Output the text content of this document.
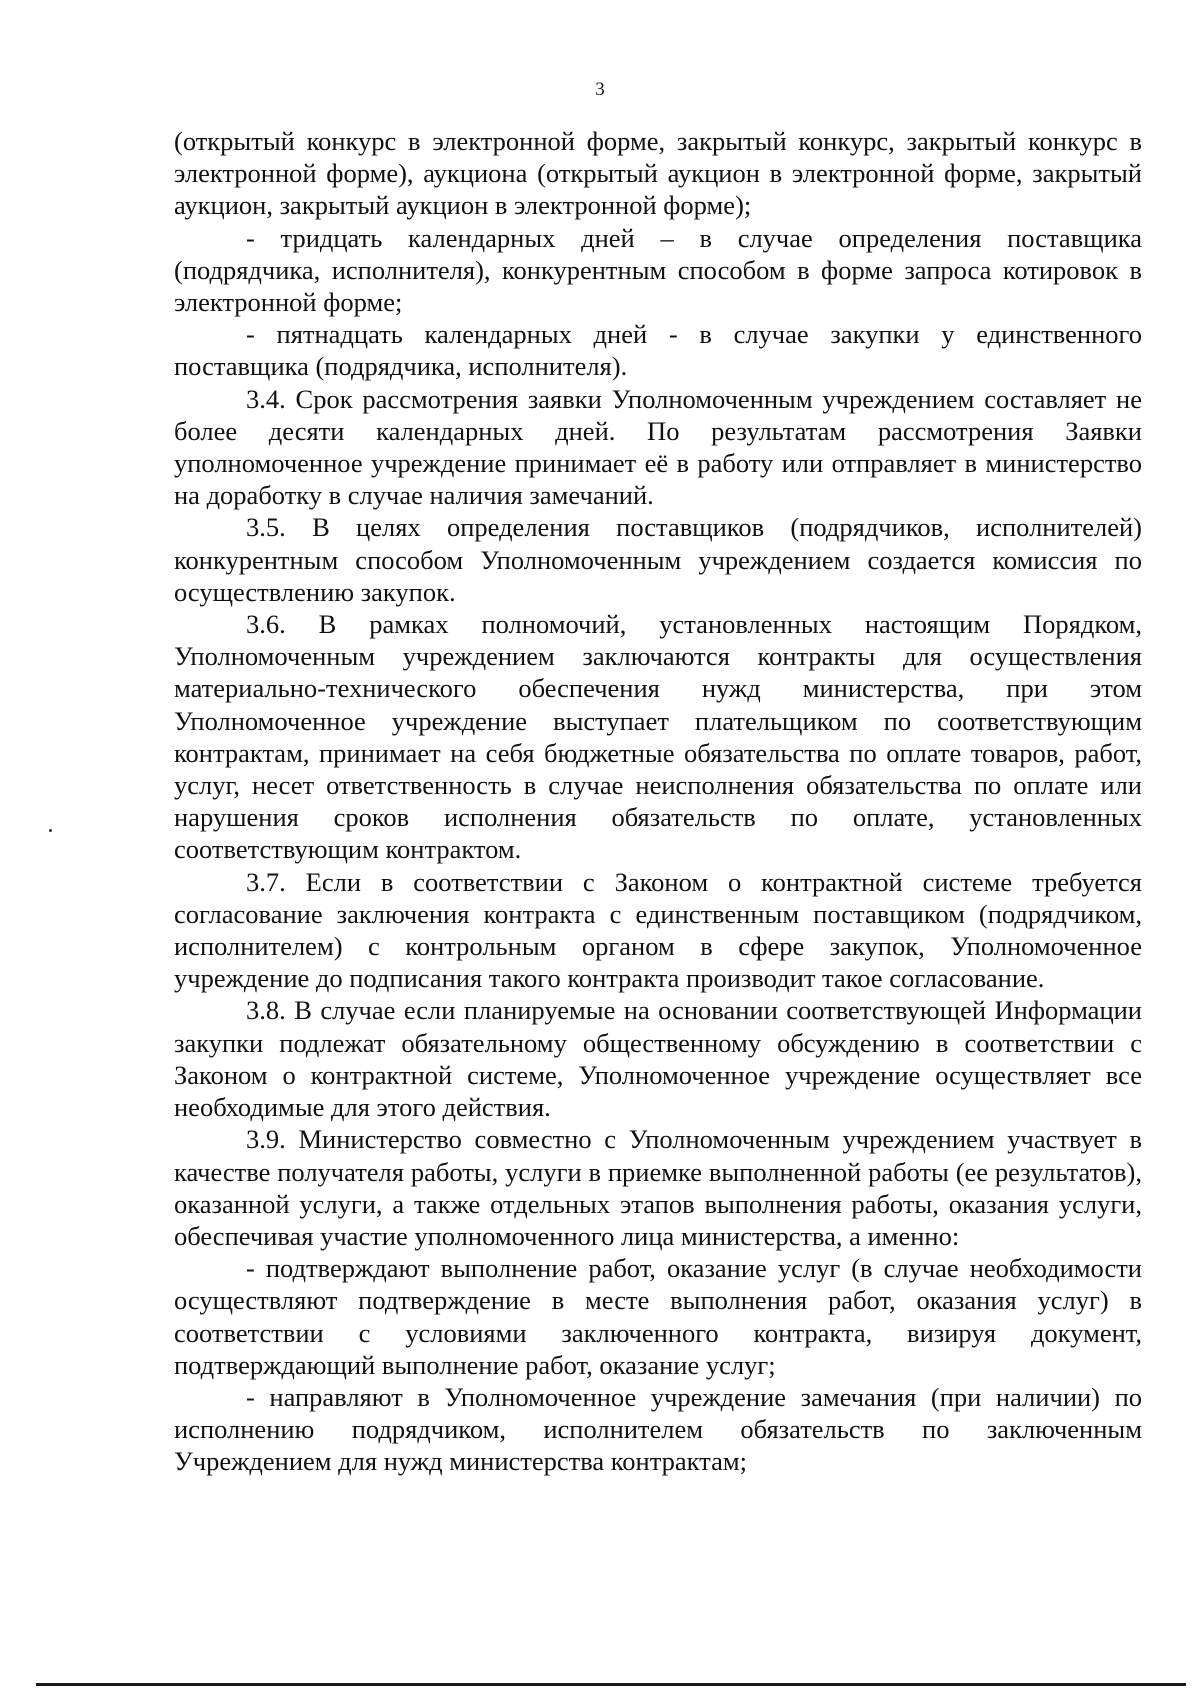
3

(открытый конкурс в электронной форме, закрытый конкурс, закрытый конкурс в электронной форме), аукциона (открытый аукцион в электронной форме, закрытый аукцион, закрытый аукцион в электронной форме);

- тридцать календарных дней – в случае определения поставщика (подрядчика, исполнителя), конкурентным способом в форме запроса котировок в электронной форме;

- пятнадцать календарных дней - в случае закупки у единственного поставщика (подрядчика, исполнителя).

3.4. Срок рассмотрения заявки Уполномоченным учреждением составляет не более десяти календарных дней. По результатам рассмотрения Заявки уполномоченное учреждение принимает её в работу или отправляет в министерство на доработку в случае наличия замечаний.

3.5. В целях определения поставщиков (подрядчиков, исполнителей) конкурентным способом Уполномоченным учреждением создается комиссия по осуществлению закупок.

3.6. В рамках полномочий, установленных настоящим Порядком, Уполномоченным учреждением заключаются контракты для осуществления материально-технического обеспечения нужд министерства, при этом Уполномоченное учреждение выступает плательщиком по соответствующим контрактам, принимает на себя бюджетные обязательства по оплате товаров, работ, услуг, несет ответственность в случае неисполнения обязательства по оплате или нарушения сроков исполнения обязательств по оплате, установленных соответствующим контрактом.

3.7. Если в соответствии с Законом о контрактной системе требуется согласование заключения контракта с единственным поставщиком (подрядчиком, исполнителем) с контрольным органом в сфере закупок, Уполномоченное учреждение до подписания такого контракта производит такое согласование.

3.8. В случае если планируемые на основании соответствующей Информации закупки подлежат обязательному общественному обсуждению в соответствии с Законом о контрактной системе, Уполномоченное учреждение осуществляет все необходимые для этого действия.

3.9. Министерство совместно с Уполномоченным учреждением участвует в качестве получателя работы, услуги в приемке выполненной работы (ее результатов), оказанной услуги, а также отдельных этапов выполнения работы, оказания услуги, обеспечивая участие уполномоченного лица министерства, а именно:

- подтверждают выполнение работ, оказание услуг (в случае необходимости осуществляют подтверждение в месте выполнения работ, оказания услуг) в соответствии с условиями заключенного контракта, визируя документ, подтверждающий выполнение работ, оказание услуг;

- направляют в Уполномоченное учреждение замечания (при наличии) по исполнению подрядчиком, исполнителем обязательств по заключенным Учреждением для нужд министерства контрактам;
